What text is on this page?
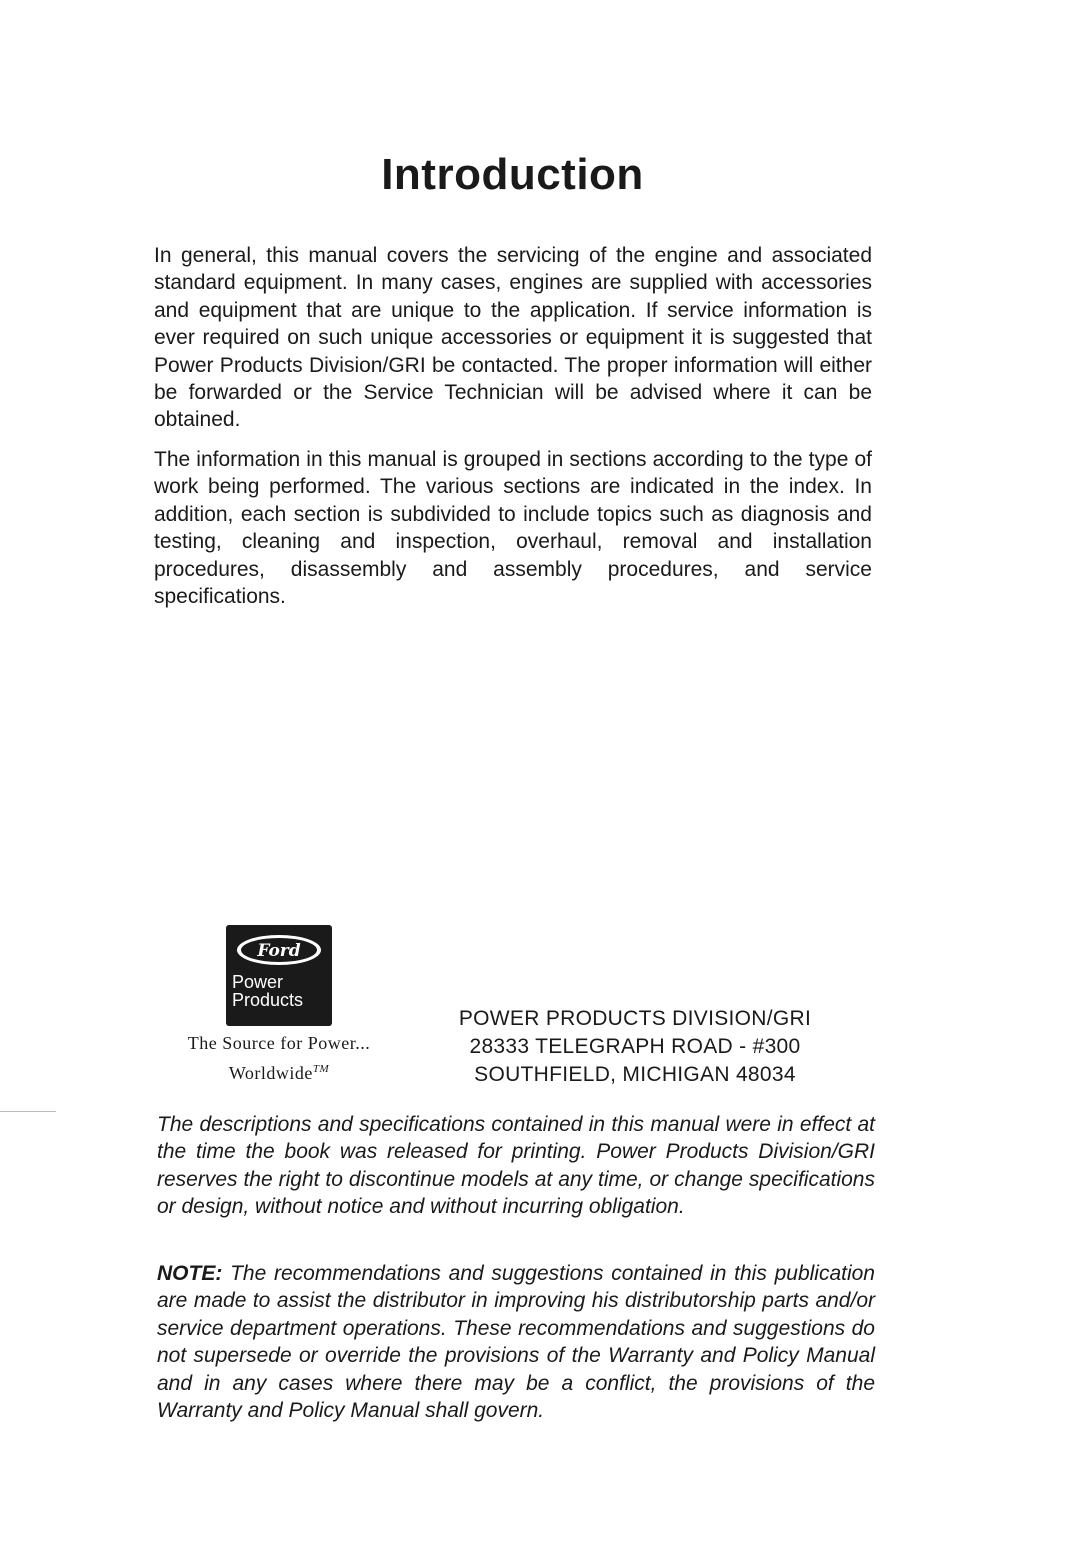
Introduction

In general, this manual covers the servicing of the engine and associated standard equipment. In many cases, engines are supplied with accessories and equipment that are unique to the application. If service information is ever required on such unique accessories or equipment it is suggested that Power Products Division/GRI be contacted. The proper information will either be forwarded or the Service Technician will be advised where it can be obtained.

The information in this manual is grouped in sections according to the type of work being performed. The various sections are indicated in the index. In addition, each section is subdivided to include topics such as diagnosis and testing, cleaning and inspection, overhaul, removal and installation procedures, disassembly and assembly procedures, and service specifications.

Ford
Power
Products
The Source for Power...
Worldwide™
POWER PRODUCTS DIVISION/GRI
28333 TELEGRAPH ROAD - #300
SOUTHFIELD, MICHIGAN 48034

The descriptions and specifications contained in this manual were in effect at the time the book was released for printing. Power Products Division/GRI reserves the right to discontinue models at any time, or change specifications or design, without notice and without incurring obligation.

NOTE: The recommendations and suggestions contained in this publication are made to assist the distributor in improving his distributorship parts and/or service department operations. These recommendations and suggestions do not supersede or override the provisions of the Warranty and Policy Manual and in any cases where there may be a conflict, the provisions of the Warranty and Policy Manual shall govern.
